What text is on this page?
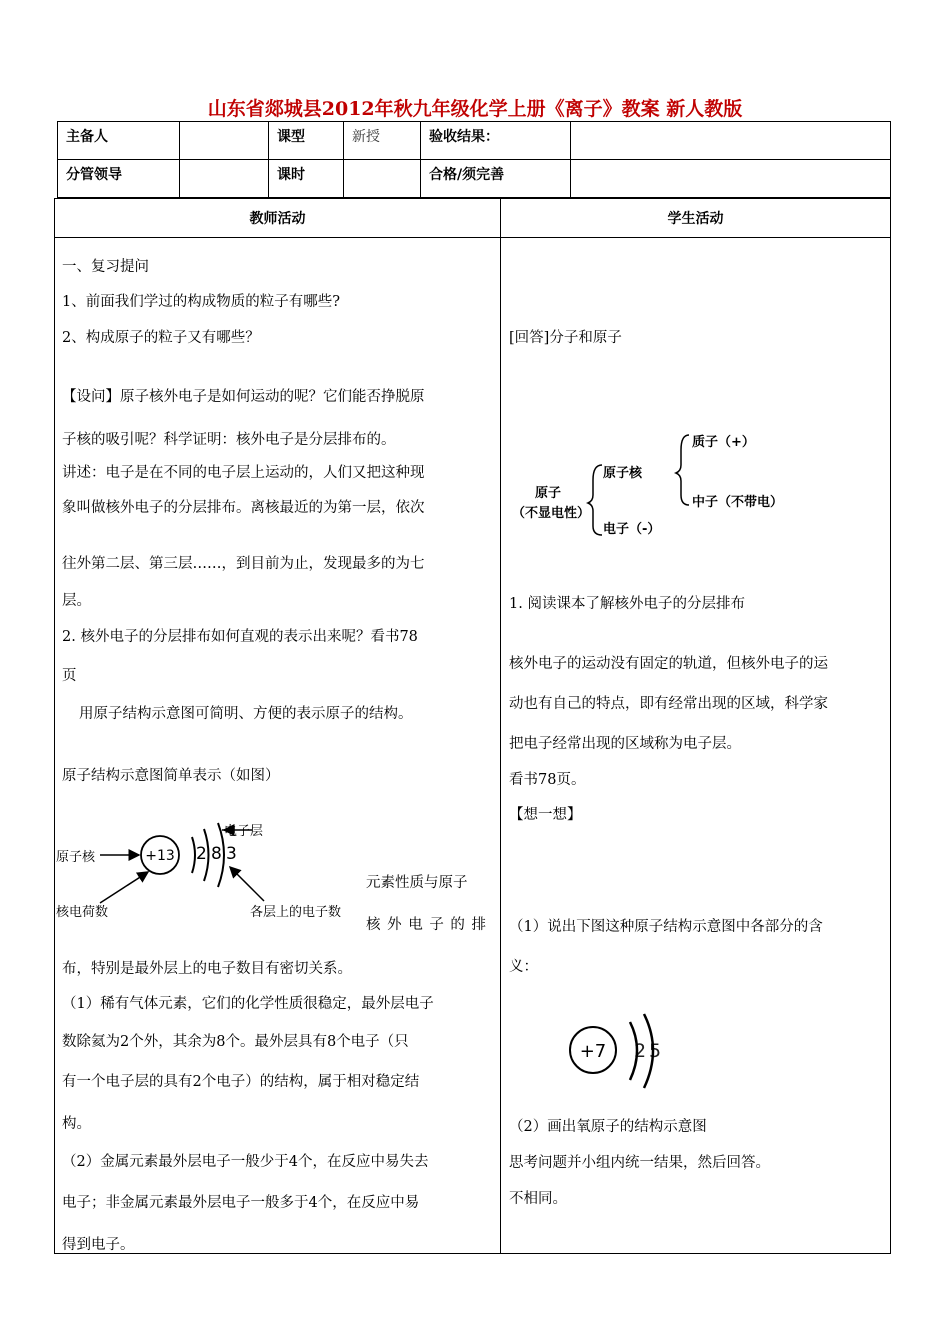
山东省郯城县2012年秋九年级化学上册《离子》教案 新人教版
主备人		课型	新授	验收结果：	
分管领导		课时		合格/须完善	
教师活动	学生活动

一、复习提问
1、前面我们学过的构成物质的粒子有哪些?
2、构成原子的粒子又有哪些？
【设问】原子核外电子是如何运动的呢？它们能否挣脱原
子核的吸引呢？科学证明：核外电子是分层排布的。
讲述：电子是在不同的电子层上运动的，人们又把这种现
象叫做核外电子的分层排布。离核最近的为第一层，依次
往外第二层、第三层……，到目前为止，发现最多的为七
层。
2. 核外电子的分层排布如何直观的表示出来呢？看书78
页
用原子结构示意图可简明、方便的表示原子的结构。
原子结构示意图简单表示（如图）
+13 2 8 3
原子核
电子层
核电荷数	各层上的电子数
元素性质与原子
核 外 电 子 的 排
布，特别是最外层上的电子数目有密切关系。
（1）稀有气体元素，它们的化学性质很稳定，最外层电子
数除氦为2个外，其余为8个。最外层具有8个电子（只
有一个电子层的具有2个电子）的结构，属于相对稳定结
构。
（2）金属元素最外层电子一般少于4个，在反应中易失去
电子；非金属元素最外层电子一般多于4个，在反应中易
得到电子。
[回答]分子和原子
原子
（不显电性）
原子核
电子（-）
质子（+）
中子（不带电）
1. 阅读课本了解核外电子的分层排布
核外电子的运动没有固定的轨道，但核外电子的运
动也有自己的特点，即有经常出现的区域，科学家
把电子经常出现的区域称为电子层。
看书78页。
【想一想】
（1）说出下图这种原子结构示意图中各部分的含
义：
+7 2 5
（2）画出氧原子的结构示意图
思考问题并小组内统一结果，然后回答。
不相同。
